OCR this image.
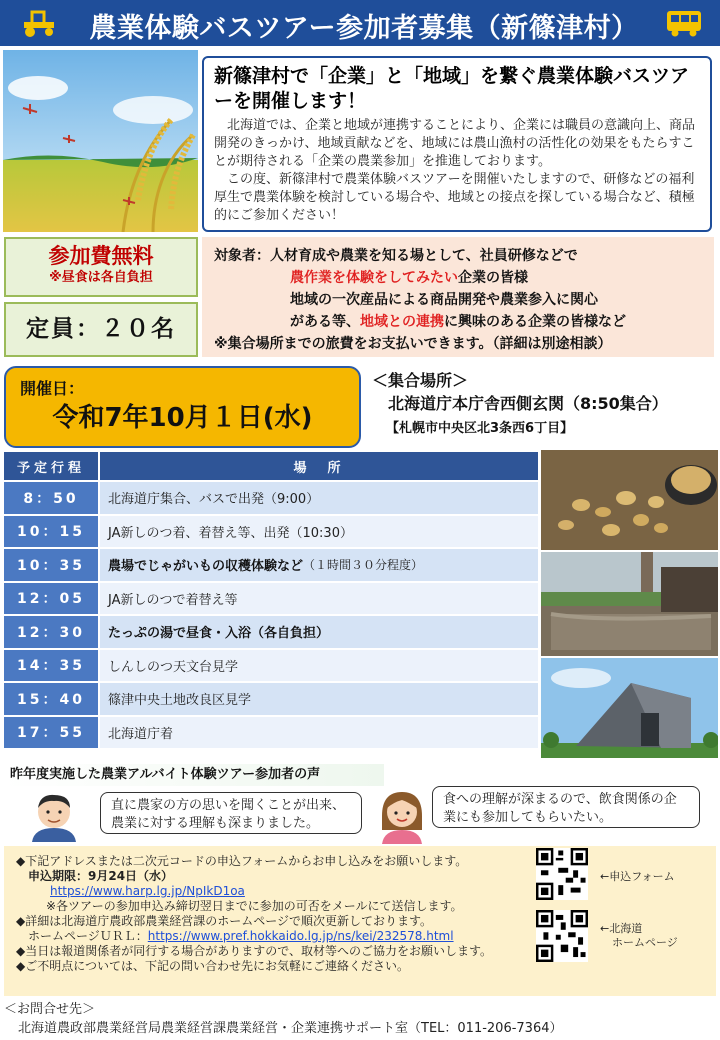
農業体験バスツアー参加者募集（新篠津村）
新篠津村で「企業」と「地域」を繋ぐ農業体験バスツアーを開催します！
北海道では、企業と地域が連携することにより、企業には職員の意識向上、商品開発のきっかけ、地域貢献などを、地域には農山漁村の活性化の効果をもたらすことが期待される「企業の農業参加」を推進しております。
この度、新篠津村で農業体験バスツアーを開催いたしますので、研修などの福利厚生で農業体験を検討している場合や、地域との接点を探している場合など、積極的にご参加ください！
参加費無料
※昼食は各自負担
定員：２０名
対象者：人材育成や農業を知る場として、社員研修などで
農作業を体験をしてみたい企業の皆様
地域の一次産品による商品開発や農業参入に関心
がある等、地域との連携に興味のある企業の皆様など
※集合場所までの旅費をお支払いできます。（詳細は別途相談）
開催日：
令和7年10月１日(水)
＜集合場所＞
北海道庁本庁舎西側玄関（8:50集合）
【札幌市中央区北3条西6丁目】
予定行程	場　所
8：50	北海道庁集合、バスで出発（9:00）
10：15	JA新しのつ着、着替え等、出発（10:30）
10：35	農場でじゃがいもの収穫体験など （１時間３０分程度）
12：05	JA新しのつで着替え等
12：30	たっぷの湯で昼食・入浴（各自負担）
14：35	しんしのつ天文台見学
15：40	篠津中央土地改良区見学
17：55	北海道庁着
昨年度実施した農業アルバイト体験ツアー参加者の声
直に農家の方の思いを聞くことが出来、農業に対する理解も深まりました。
食への理解が深まるので、飲食関係の企業にも参加してもらいたい。
◆下記アドレスまたは二次元コードの申込フォームからお申し込みをお願いします。
申込期限：9月24日（水）
https://www.harp.lg.jp/NpIkD1oa
※各ツアーの参加申込み締切翌日までに参加の可否をメールにて送信します。
◆詳細は北海道庁農政部農業経営課のホームページで順次更新しております。
ホームページＵＲＬ：https://www.pref.hokkaido.lg.jp/ns/kei/232578.html
◆当日は報道関係者が同行する場合がありますので、取材等へのご協力をお願いします。
◆ご不明点については、下記の問い合わせ先にお気軽にご連絡ください。
←申込フォーム
←北海道
ホームページ
＜お問合せ先＞
北海道農政部農業経営局農業経営課農業経営・企業連携サポート室（TEL：011-206-7364）
